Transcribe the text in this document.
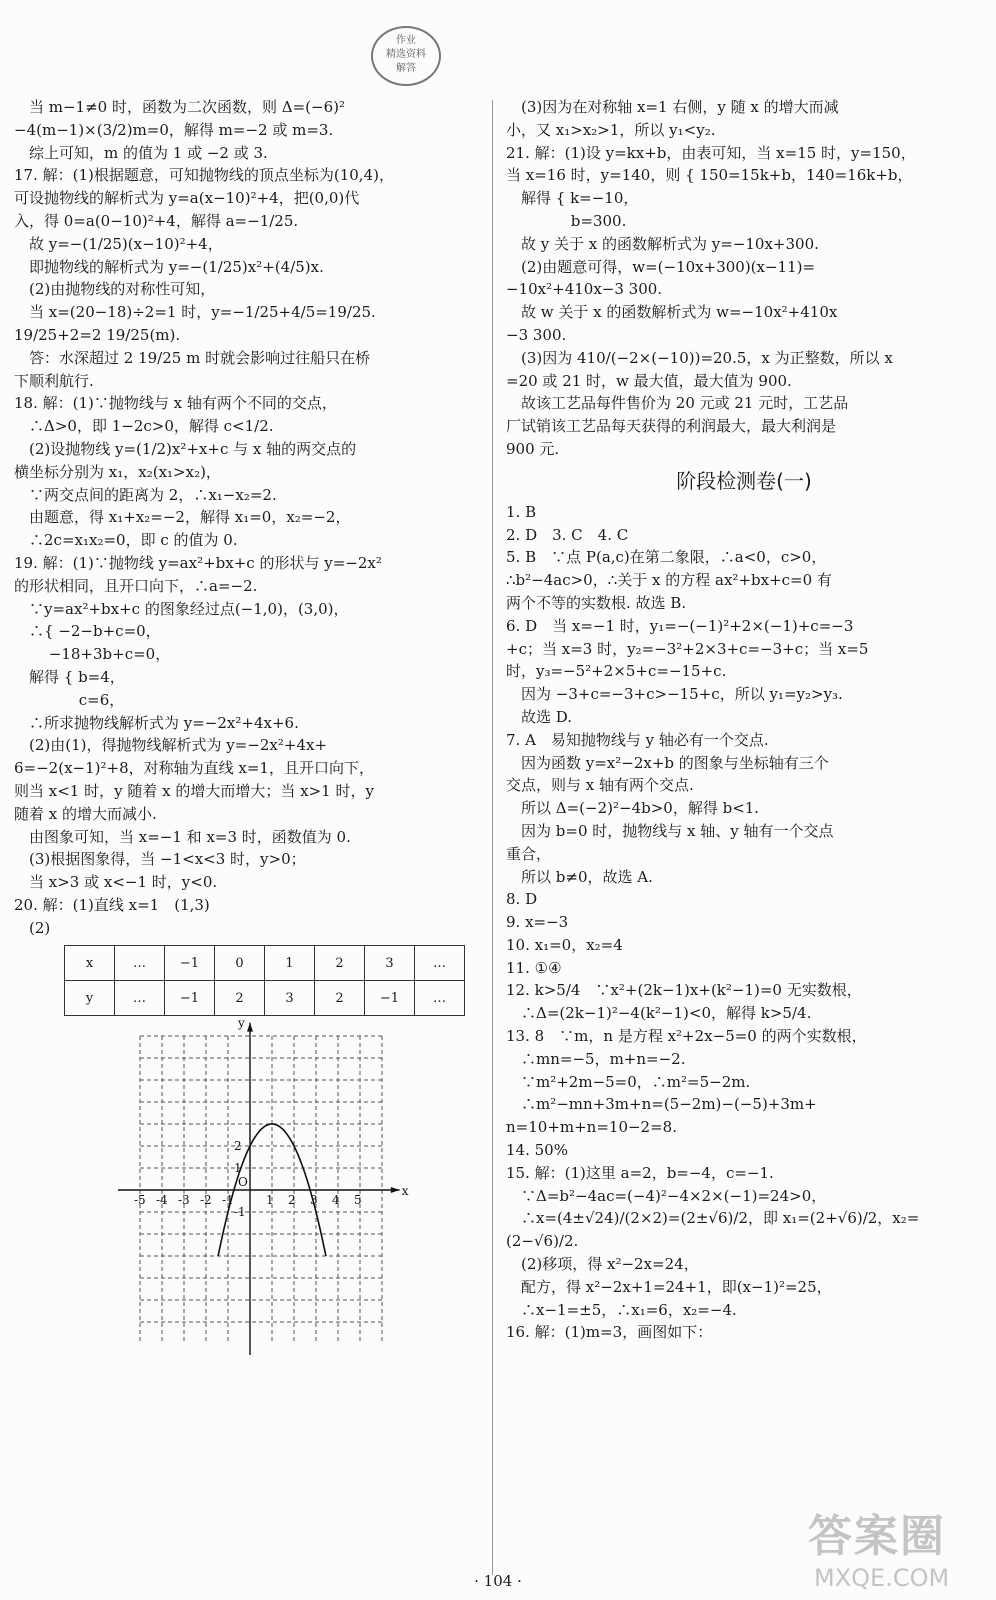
作业
精选资料
解答
　当 m−1≠0 时，函数为二次函数，则 Δ=(−6)²
−4(m−1)×(3/2)m=0，解得 m=−2 或 m=3.
　综上可知，m 的值为 1 或 −2 或 3.
17. 解：(1)根据题意，可知抛物线的顶点坐标为(10,4)，
可设抛物线的解析式为 y=a(x−10)²+4，把(0,0)代
入，得 0=a(0−10)²+4，解得 a=−1/25.
　故 y=−(1/25)(x−10)²+4，
　即抛物线的解析式为 y=−(1/25)x²+(4/5)x.
　(2)由抛物线的对称性可知，
　当 x=(20−18)÷2=1 时，y=−1/25+4/5=19/25.
19/25+2=2 19/25(m).
　答：水深超过 2 19/25 m 时就会影响过往船只在桥
下顺利航行.
18. 解：(1)∵抛物线与 x 轴有两个不同的交点，
　∴Δ>0，即 1−2c>0，解得 c<1/2.
　(2)设抛物线 y=(1/2)x²+x+c 与 x 轴的两交点的
横坐标分别为 x₁，x₂(x₁>x₂)，
　∵两交点间的距离为 2，∴x₁−x₂=2.
　由题意，得 x₁+x₂=−2，解得 x₁=0，x₂=−2，
　∴2c=x₁x₂=0，即 c 的值为 0.
19. 解：(1)∵抛物线 y=ax²+bx+c 的形状与 y=−2x²
的形状相同，且开口向下，∴a=−2.
　∵y=ax²+bx+c 的图象经过点(−1,0)，(3,0)，
　∴{ −2−b+c=0，
　　 −18+3b+c=0，
　解得 { b=4，
　　　　 c=6，
　∴所求抛物线解析式为 y=−2x²+4x+6.
　(2)由(1)，得抛物线解析式为 y=−2x²+4x+
6=−2(x−1)²+8，对称轴为直线 x=1，且开口向下，
则当 x<1 时，y 随着 x 的增大而增大；当 x>1 时，y
随着 x 的增大而减小.
　由图象可知，当 x=−1 和 x=3 时，函数值为 0.
　(3)根据图象得，当 −1<x<3 时，y>0；
　当 x>3 或 x<−1 时，y<0.
20. 解：(1)直线 x=1　(1,3)
　(2)
x	…	−1	0	1	2	3	…
y	…	−1	2	3	2	−1	…
-5 -4 -3 -2 -1	1 2 3 4 5
2
1
-1
x
y
O
　(3)因为在对称轴 x=1 右侧，y 随 x 的增大而减
小，又 x₁>x₂>1，所以 y₁<y₂.
21. 解：(1)设 y=kx+b，由表可知，当 x=15 时，y=150，
当 x=16 时，y=140，则 { 150=15k+b，140=16k+b，
　解得 { k=−10，
　　　　 b=300.
　故 y 关于 x 的函数解析式为 y=−10x+300.
　(2)由题意可得，w=(−10x+300)(x−11)=
−10x²+410x−3 300.
　故 w 关于 x 的函数解析式为 w=−10x²+410x
−3 300.
　(3)因为 410/(−2×(−10))=20.5，x 为正整数，所以 x
=20 或 21 时，w 最大值，最大值为 900.
　故该工艺品每件售价为 20 元或 21 元时，工艺品
厂试销该工艺品每天获得的利润最大，最大利润是
900 元.
阶段检测卷(一)
1. B
2. D　3. C　4. C
5. B　∵点 P(a,c)在第二象限，∴a<0，c>0，
∴b²−4ac>0，∴关于 x 的方程 ax²+bx+c=0 有
两个不等的实数根. 故选 B.
6. D　当 x=−1 时，y₁=−(−1)²+2×(−1)+c=−3
+c；当 x=3 时，y₂=−3²+2×3+c=−3+c；当 x=5
时，y₃=−5²+2×5+c=−15+c.
　因为 −3+c=−3+c>−15+c，所以 y₁=y₂>y₃.
　故选 D.
7. A　易知抛物线与 y 轴必有一个交点.
　因为函数 y=x²−2x+b 的图象与坐标轴有三个
交点，则与 x 轴有两个交点.
　所以 Δ=(−2)²−4b>0，解得 b<1.
　因为 b=0 时，抛物线与 x 轴、y 轴有一个交点
重合，
　所以 b≠0，故选 A.
8. D
9. x=−3
10. x₁=0，x₂=4
11. ①④
12. k>5/4　∵x²+(2k−1)x+(k²−1)=0 无实数根，
　∴Δ=(2k−1)²−4(k²−1)<0，解得 k>5/4.
13. 8　∵m，n 是方程 x²+2x−5=0 的两个实数根，
　∴mn=−5，m+n=−2.
　∵m²+2m−5=0，∴m²=5−2m.
　∴m²−mn+3m+n=(5−2m)−(−5)+3m+
n=10+m+n=10−2=8.
14. 50%
15. 解：(1)这里 a=2，b=−4，c=−1.
　∵Δ=b²−4ac=(−4)²−4×2×(−1)=24>0，
　∴x=(4±√24)/(2×2)=(2±√6)/2，即 x₁=(2+√6)/2，x₂=
(2−√6)/2.
　(2)移项，得 x²−2x=24，
　配方，得 x²−2x+1=24+1，即(x−1)²=25，
　∴x−1=±5，∴x₁=6，x₂=−4.
16. 解：(1)m=3，画图如下：
· 104 ·
答案圈
MXQE.COM
